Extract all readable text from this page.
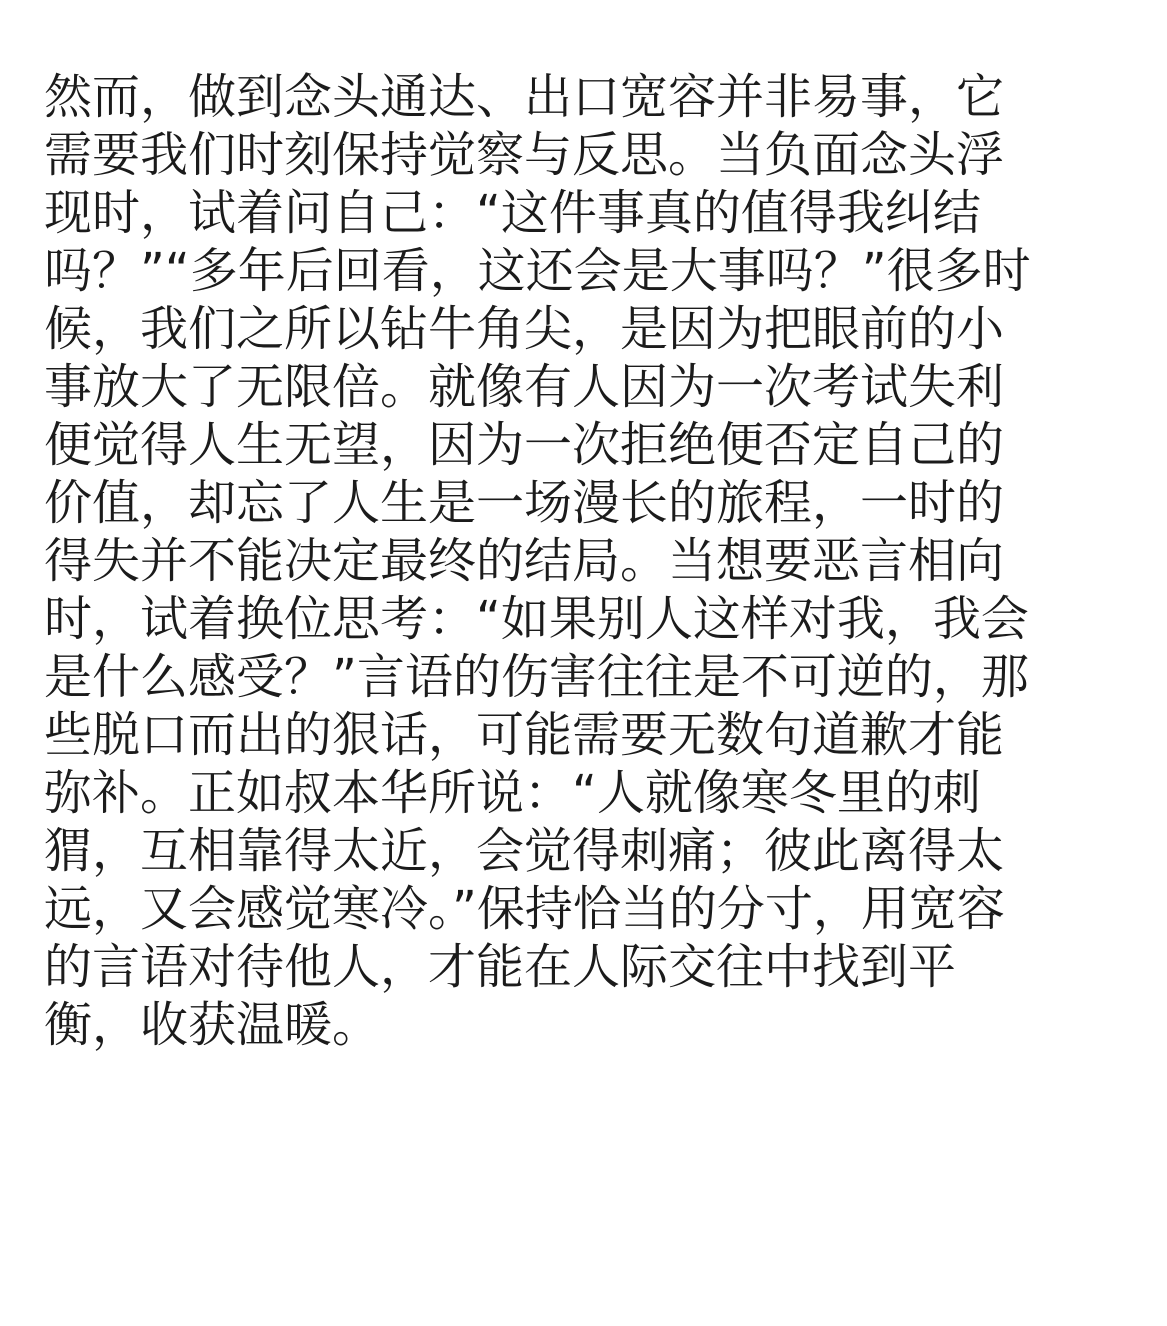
然而，做到念头通达、出口宽容并非易事，它
需要我们时刻保持觉察与反思。当负面念头浮
现时，试着问自己：“这件事真的值得我纠结
吗？”“多年后回看，这还会是大事吗？”很多时
候，我们之所以钻牛角尖，是因为把眼前的小
事放大了无限倍。就像有人因为一次考试失利
便觉得人生无望，因为一次拒绝便否定自己的
价值，却忘了人生是一场漫长的旅程，一时的
得失并不能决定最终的结局。当想要恶言相向
时，试着换位思考：“如果别人这样对我，我会
是什么感受？”言语的伤害往往是不可逆的，那
些脱口而出的狠话，可能需要无数句道歉才能
弥补。正如叔本华所说：“人就像寒冬里的刺
猬，互相靠得太近，会觉得刺痛；彼此离得太
远，又会感觉寒冷。”保持恰当的分寸，用宽容
的言语对待他人，才能在人际交往中找到平
衡，收获温暖。
